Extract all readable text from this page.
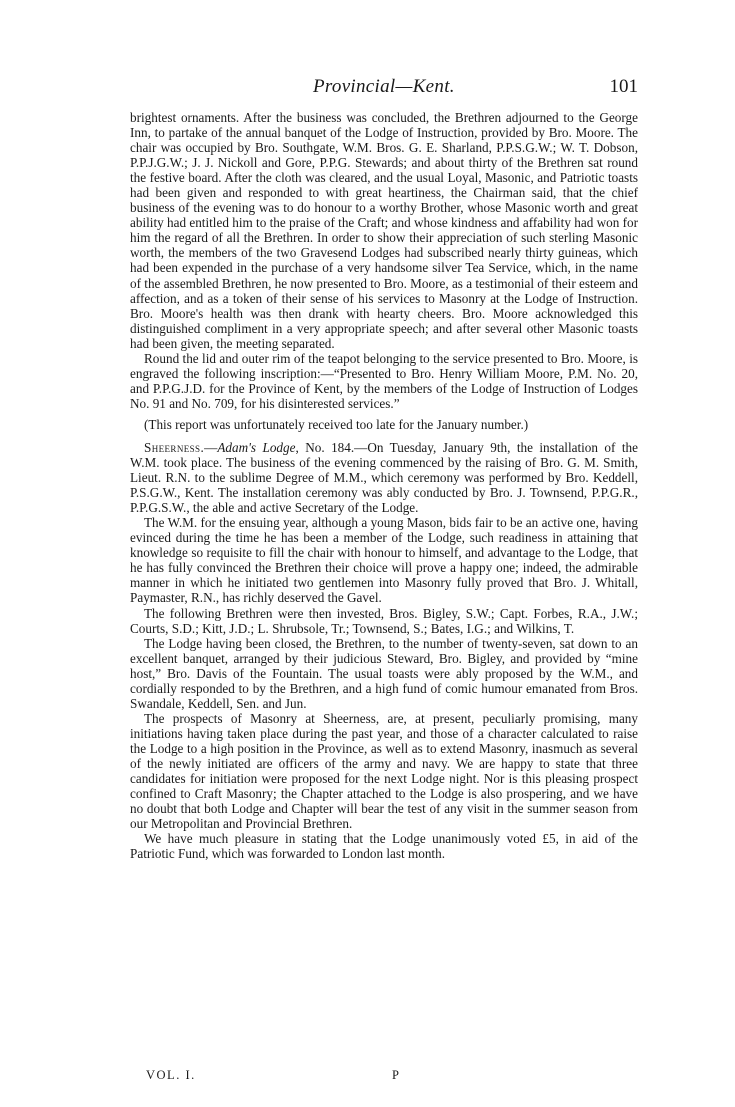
Provincial—Kent.	101

brightest ornaments. After the business was concluded, the Brethren adjourned to the George Inn, to partake of the annual banquet of the Lodge of Instruction, provided by Bro. Moore. The chair was occupied by Bro. Southgate, W.M. Bros. G. E. Sharland, P.P.S.G.W.; W. T. Dobson, P.P.J.G.W.; J. J. Nickoll and Gore, P.P.G. Stewards; and about thirty of the Brethren sat round the festive board. After the cloth was cleared, and the usual Loyal, Masonic, and Patriotic toasts had been given and responded to with great heartiness, the Chairman said, that the chief business of the evening was to do honour to a worthy Brother, whose Masonic worth and great ability had entitled him to the praise of the Craft; and whose kindness and affability had won for him the regard of all the Brethren. In order to show their appreciation of such sterling Masonic worth, the members of the two Gravesend Lodges had subscribed nearly thirty guineas, which had been expended in the purchase of a very handsome silver Tea Service, which, in the name of the assembled Brethren, he now presented to Bro. Moore, as a testimonial of their esteem and affection, and as a token of their sense of his services to Masonry at the Lodge of Instruction. Bro. Moore's health was then drank with hearty cheers. Bro. Moore acknowledged this distinguished compliment in a very appropriate speech; and after several other Masonic toasts had been given, the meeting separated.

Round the lid and outer rim of the teapot belonging to the service presented to Bro. Moore, is engraved the following inscription:—“Presented to Bro. Henry William Moore, P.M. No. 20, and P.P.G.J.D. for the Province of Kent, by the members of the Lodge of Instruction of Lodges No. 91 and No. 709, for his disinterested services.”

(This report was unfortunately received too late for the January number.)

Sheerness.—Adam's Lodge, No. 184.—On Tuesday, January 9th, the installation of the W.M. took place. The business of the evening commenced by the raising of Bro. G. M. Smith, Lieut. R.N. to the sublime Degree of M.M., which ceremony was performed by Bro. Keddell, P.S.G.W., Kent. The installation ceremony was ably conducted by Bro. J. Townsend, P.P.G.R., P.P.G.S.W., the able and active Secretary of the Lodge.

The W.M. for the ensuing year, although a young Mason, bids fair to be an active one, having evinced during the time he has been a member of the Lodge, such readiness in attaining that knowledge so requisite to fill the chair with honour to himself, and advantage to the Lodge, that he has fully convinced the Brethren their choice will prove a happy one; indeed, the admirable manner in which he initiated two gentlemen into Masonry fully proved that Bro. J. Whitall, Paymaster, R.N., has richly deserved the Gavel.

The following Brethren were then invested, Bros. Bigley, S.W.; Capt. Forbes, R.A., J.W.; Courts, S.D.; Kitt, J.D.; L. Shrubsole, Tr.; Townsend, S.; Bates, I.G.; and Wilkins, T.

The Lodge having been closed, the Brethren, to the number of twenty-seven, sat down to an excellent banquet, arranged by their judicious Steward, Bro. Bigley, and provided by “mine host,” Bro. Davis of the Fountain. The usual toasts were ably proposed by the W.M., and cordially responded to by the Brethren, and a high fund of comic humour emanated from Bros. Swandale, Keddell, Sen. and Jun.

The prospects of Masonry at Sheerness, are, at present, peculiarly promising, many initiations having taken place during the past year, and those of a character calculated to raise the Lodge to a high position in the Province, as well as to extend Masonry, inasmuch as several of the newly initiated are officers of the army and navy. We are happy to state that three candidates for initiation were proposed for the next Lodge night. Nor is this pleasing prospect confined to Craft Masonry; the Chapter attached to the Lodge is also prospering, and we have no doubt that both Lodge and Chapter will bear the test of any visit in the summer season from our Metropolitan and Provincial Brethren.

We have much pleasure in stating that the Lodge unanimously voted £5, in aid of the Patriotic Fund, which was forwarded to London last month.

VOL. I.	P
